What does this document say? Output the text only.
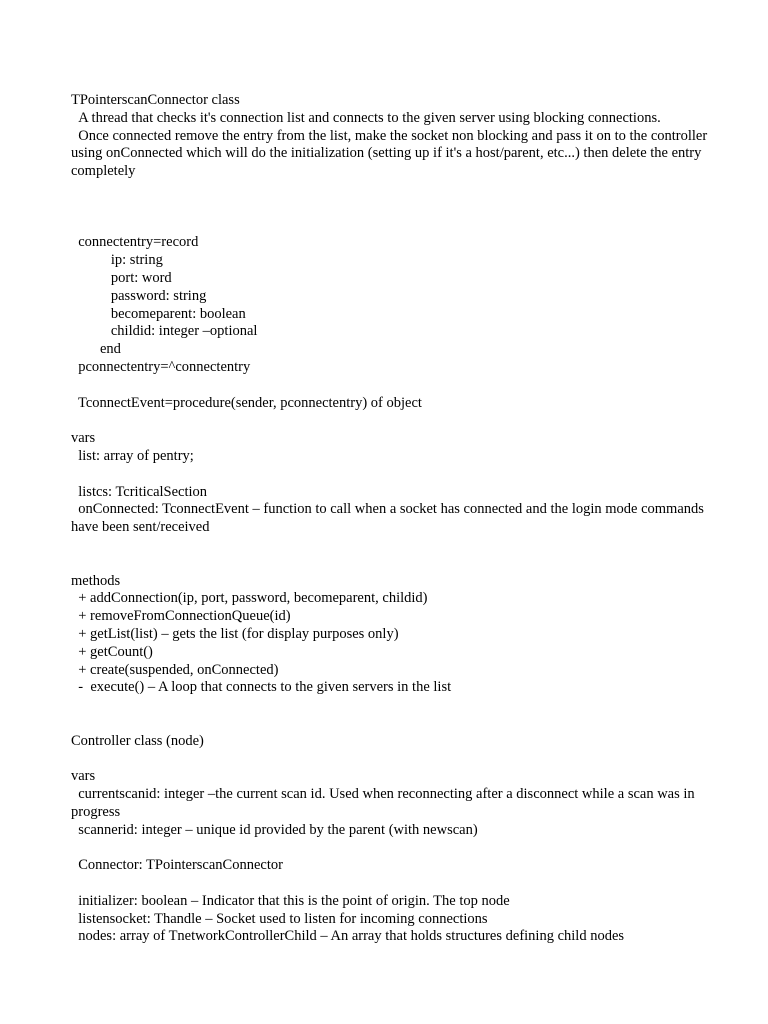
TPointerscanConnector class
A thread that checks it's connection list and connects to the given server using blocking connections.
Once connected remove the entry from the list, make the socket non blocking and pass it on to the controller using onConnected which will do the initialization (setting up if it's a host/parent, etc...) then delete the entry completely
connectentry=record
ip: string
port: word
password: string
becomeparent: boolean
childid: integer –optional
end
pconnectentry=^connectentry
TconnectEvent=procedure(sender, pconnectentry) of object
vars
list: array of pentry;
listcs: TcriticalSection
onConnected: TconnectEvent – function to call when a socket has connected and the login mode commands have been sent/received
methods
+ addConnection(ip, port, password, becomeparent, childid)
+ removeFromConnectionQueue(id)
+ getList(list) – gets the list (for display purposes only)
+ getCount()
+ create(suspended, onConnected)
-  execute() – A loop that connects to the given servers in the list
Controller class (node)
vars
currentscanid: integer –the current scan id. Used when reconnecting after a disconnect while a scan was in progress
scannerid: integer – unique id provided by the parent (with newscan)
Connector: TPointerscanConnector
initializer: boolean – Indicator that this is the point of origin. The top node
listensocket: Thandle – Socket used to listen for incoming connections
nodes: array of TnetworkControllerChild – An array that holds structures defining child nodes
